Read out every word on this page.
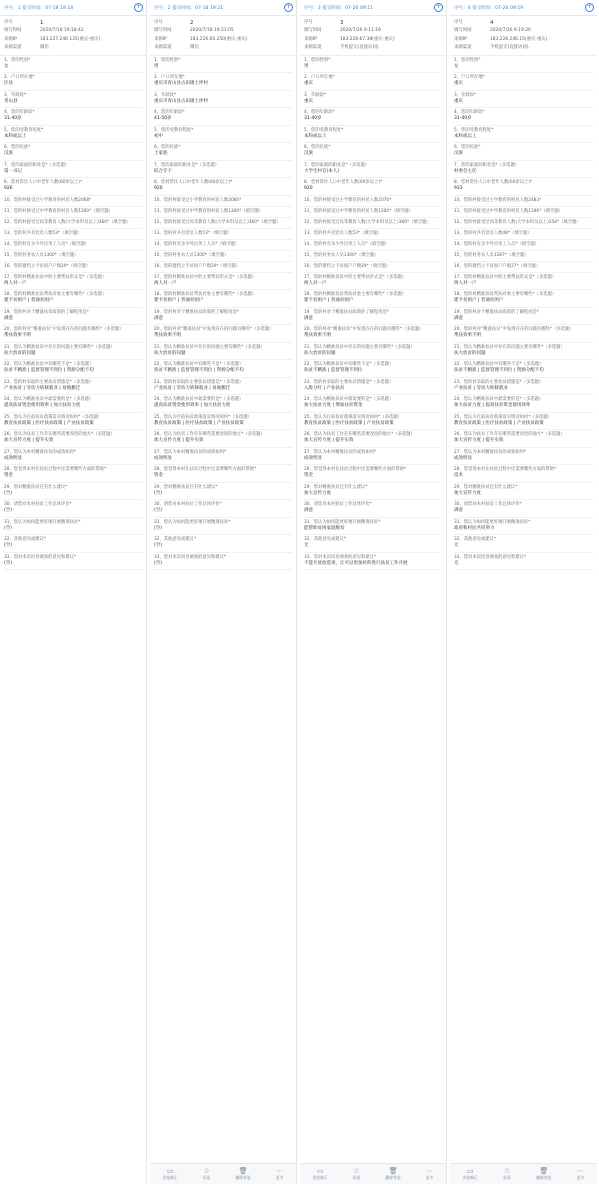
序号：1 提交时间：07-18 19:18	+
序号	1
填写时间	2020/7/18 19:18:42
来源IP	183.227.246.135(重庆-重庆)
来源渠道	微信
1、您的性别*
女
2、户口所在地*
区县
3、年龄段*
青山县
4、您的年龄段*
31-40岁
5、您的受教育程度*
本科或以上
6、您的民族*
汉族
7、您的家庭的职业是*（多选题）
第一书记
8、您村常住人口中老年人数(60岁以上)*
926
10、您的村接受过小学教育的村民人数2068*
11、您的村接受过中学教育的村民人数1200*（填空题）
12、您的村接受过高等教育人数(大学本科及以上)360*（填空题）
13、您的村共有党员人数53*（填空题）
14、您的村有多少外出务工人员*（填空题）
15、您的村务农人员1300*（填空题）
16、您的建档立卡贫困户户数29*（填空题）
17、您的村精准扶贫中的主要帮扶形式是*（多选题）
两人对一户
18、您的村精准扶贫帮扶对象主要有哪些*（多选题）
建卡贫困户 | 普通贫困户
19、您的村对于精准扶贫政策的了解程度是*
满意
20、您的村对“精准扶贫”中发现存在的问题有哪些*（多选题）
帮扶效果不明
21、您认为精准扶贫中存在的问题主要有哪些*（多选题）
扶大放贫的问题
22、您认为精准扶贫中有哪些不足*（多选题）
扶贫不精准 | 监督管理不到位 | 资源分配不均
23、您的村采取的主要扶贫措施是*（多选题）
产业扶贫 | 劳动力转移就业 | 易地搬迁
24、您认为精准扶贫中最需要的是*（多选题）
提高扶贫资金使用效率 | 加大扶贫力度
25、您认为目前扶贫政策落实情况如何*（多选题）
教育扶贫政策 | 医疗扶贫政策 | 产业扶贫政策
26、您认为扶贫工作存在哪些需要改进的地方*（多选题）
加大宣传力度 | 提升实效
27、您认为本村精准扶贫的成效如何*
成效明显
28、您觉得本村在扶贫过程中还需要哪些方面的帮助*
资金
29、您对精准扶贫还有什么建议*
(空)
30、请您对本村扶贫工作总体评价*
(空)
31、您认为如何能更好地开展精准扶贫*
(空)
32、其他意见或建议*
(空)
33、您对本次问卷调查的意见和建议*
(空)
序号：2 提交时间：07-18 19:21	+
序号	2
填写时间	2020/7/18 19:21:05
来源IP	183.226.66.250(重庆-重庆)
来源渠道	微信
1、您的性别*
男
2、户口所在地*
重庆市青山县古田镇土坪村
3、年龄段*
重庆市青山县古田镇土坪村
4、您的年龄段*
41-50岁
5、您的受教育程度*
初中
6、您的民族*
土家族
7、您的家庭的职业是*（多选题）
综合专干
8、您村常住人口中老年人数(60岁以上)*
920
10、您的村接受过小学教育的村民人数2060*
11、您的村接受过中学教育的村民人数1200*（填空题）
12、您的村接受过高等教育人数(大学本科及以上)360*（填空题）
13、您的村共有党员人数53*（填空题）
14、您的村有多少外出务工人员*（填空题）
15、您的村务农人员1300*（填空题）
16、您的建档立卡贫困户户数29*（填空题）
17、您的村精准扶贫中的主要帮扶形式是*（多选题）
两人对一户
18、您的村精准扶贫帮扶对象主要有哪些*（多选题）
建卡贫困户 | 普通贫困户
19、您的村对于精准扶贫政策的了解程度是*
满意
20、您的村对“精准扶贫”中发现存在的问题有哪些*（多选题）
帮扶效果不明
21、您认为精准扶贫中存在的问题主要有哪些*（多选题）
扶大放贫的问题
22、您认为精准扶贫中有哪些不足*（多选题）
扶贫不精准 | 监督管理不到位 | 资源分配不均
23、您的村采取的主要扶贫措施是*（多选题）
产业扶贫 | 劳动力转移就业 | 易地搬迁
24、您认为精准扶贫中最需要的是*（多选题）
提高扶贫资金使用效率 | 加大扶贫力度
25、您认为目前扶贫政策落实情况如何*（多选题）
教育扶贫政策 | 医疗扶贫政策 | 产业扶贫政策
26、您认为扶贫工作存在哪些需要改进的地方*（多选题）
加大宣传力度 | 提升实效
27、您认为本村精准扶贫的成效如何*
成效明显
28、您觉得本村在扶贫过程中还需要哪些方面的帮助*
资金
29、您对精准扶贫还有什么建议*
(空)
30、请您对本村扶贫工作总体评价*
(空)
31、您认为如何能更好地开展精准扶贫*
(空)
32、其他意见或建议*
(空)
33、您对本次问卷调查的意见和建议*
(空)
▭
答卷修正
☆
标星
🗑
删除答卷
⋯
更多
序号：3 提交时间：07-26 09:11	+
序号	3
填写时间	2020/7/26 9:11:19
来源IP	183.226.67.38(重庆-重庆)
来源渠道	手机提交(直接访问)
1、您的性别*
男
2、户口所在地*
重庆
3、年龄段*
重庆
4、您的年龄段*
31-40岁
5、您的受教育程度*
本科或以上
6、您的民族*
汉族
7、您的家庭的职业是*（多选题）
大学生村官(本人)
8、您村常住人口中老年人数(60岁以上)*
920
10、您的村接受过小学教育的村民人数2070*
11、您的村接受过中学教育的村民人数1200*（填空题）
12、您的村接受过高等教育人数(大学本科及以上)360*（填空题）
13、您的村共有党员人数53*（填空题）
14、您的村有多少外出务工人员*（填空题）
15、您的村务农人员1300*（填空题）
16、您的建档立卡贫困户户数29*（填空题）
17、您的村精准扶贫中的主要帮扶形式是*（多选题）
两人对一户
18、您的村精准扶贫帮扶对象主要有哪些*（多选题）
建卡贫困户 | 普通贫困户
19、您的村对于精准扶贫政策的了解程度是*
满意
20、您的村对“精准扶贫”中发现存在的问题有哪些*（多选题）
帮扶效果不明
21、您认为精准扶贫中存在的问题主要有哪些*（多选题）
扶大放贫的问题
22、您认为精准扶贫中有哪些不足*（多选题）
扶贫不精准 | 监督管理不到位
23、您的村采取的主要扶贫措施是*（多选题）
入股分红 | 产业扶贫
24、您认为精准扶贫中最需要的是*（多选题）
加大扶贫力度 | 增加扶贫资金
25、您认为目前扶贫政策落实情况如何*（多选题）
教育扶贫政策 | 医疗扶贫政策 | 产业扶贫政策
26、您认为扶贫工作存在哪些需要改进的地方*（多选题）
加大宣传力度 | 提升实效
27、您认为本村精准扶贫的成效如何*
成效明显
28、您觉得本村在扶贫过程中还需要哪些方面的帮助*
资金
29、您对精准扶贫还有什么建议*
加大宣传力度
30、请您对本村扶贫工作总体评价*
满意
31、您认为如何能更好地开展精准扶贫*
能帮助贫困家庭脱贫
32、其他意见或建议*
无
33、您对本次问卷调查的意见和建议*
不能开放放选项，让可以更加好的进行扶贫工作开展
▭
答卷修正
☆
标星
🗑
删除答卷
⋯
更多
序号：4 提交时间：07-26 09:19	+
序号	4
填写时间	2020/7/26 9:19:20
来源IP	183.226.246.15(重庆-重庆)
来源渠道	手机提交(直接访问)
1、您的性别*
女
2、户口所在地*
重庆
3、年龄段*
重庆
4、您的年龄段*
31-40岁
5、您的受教育程度*
本科或以上
6、您的民族*
汉族
7、您的家庭的职业是*（多选题）
村委会主任
8、您村常住人口中老年人数(60岁以上)*
933
10、您的村接受过小学教育的村民人数2483*
11、您的村接受过中学教育的村民人数1196*（填空题）
12、您的村接受过高等教育人数(大学本科及以上)358*（填空题）
13、您的村共有党员人数48*（填空题）
14、您的村有多少外出务工人员*（填空题）
15、您的村务农人员1287*（填空题）
16、您的建档立卡贫困户户数27*（填空题）
17、您的村精准扶贫中的主要帮扶形式是*（多选题）
两人对一户
18、您的村精准扶贫帮扶对象主要有哪些*（多选题）
建卡贫困户 | 普通贫困户
19、您的村对于精准扶贫政策的了解程度是*
满意
20、您的村对“精准扶贫”中发现存在的问题有哪些*（多选题）
帮扶效果不明
21、您认为精准扶贫中存在的问题主要有哪些*（多选题）
扶大放贫的问题
22、您认为精准扶贫中有哪些不足*（多选题）
扶贫不精准 | 监督管理不到位 | 资源分配不均
23、您的村采取的主要扶贫措施是*（多选题）
产业扶贫 | 劳动力转移就业
24、您认为精准扶贫中最需要的是*（多选题）
加大扶贫力度 | 提高扶贫资金使用效率
25、您认为目前扶贫政策落实情况如何*（多选题）
教育扶贫政策 | 医疗扶贫政策 | 产业扶贫政策
26、您认为扶贫工作存在哪些需要改进的地方*（多选题）
加大宣传力度 | 提升实效
27、您认为本村精准扶贫的成效如何*
成效明显
28、您觉得本村在扶贫过程中还需要哪些方面的帮助*
技术
29、您对精准扶贫还有什么建议*
加大宣传力度
30、请您对本村扶贫工作总体评价*
满意
31、您认为如何能更好地开展精准扶贫*
政府和村民共同努力
32、其他意见或建议*
无
33、您对本次问卷调查的意见和建议*
无
▭
答卷修正
☆
标星
🗑
删除答卷
⋯
更多
